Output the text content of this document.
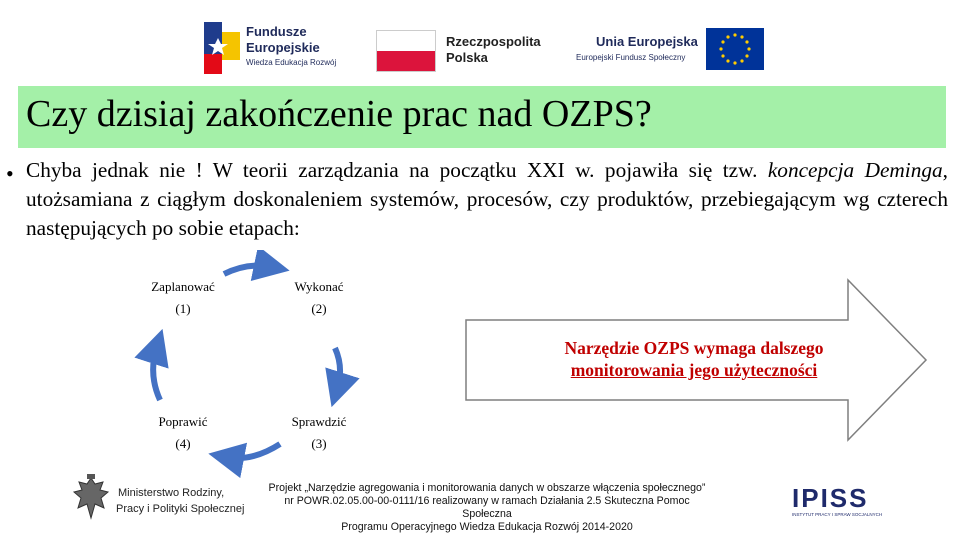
Fundusze
Europejskie
Wiedza Edukacja Rozwój
Rzeczpospolita
Polska
Unia Europejska
Europejski Fundusz Społeczny
Czy dzisiaj zakończenie prac nad OZPS?
• Chyba jednak nie ! W teorii zarządzania na początku XXI w. pojawiła się tzw. koncepcja Deminga, utożsamiana z ciągłym doskonaleniem systemów, procesów, czy produktów, przebiegającym wg czterech następujących po sobie etapach:
Zaplanować
(1)
Wykonać
(2)
Sprawdzić
(3)
Poprawić
(4)
Narzędzie OZPS wymaga dalszego
monitorowania jego użyteczności
Ministerstwo Rodziny,
Pracy i Polityki Społecznej
Projekt „Narzędzie agregowania i monitorowania danych w obszarze włączenia społecznego”
nr POWR.02.05.00-00-0111/16 realizowany w ramach Działania 2.5 Skuteczna Pomoc Społeczna
Programu Operacyjnego Wiedza Edukacja Rozwój 2014-2020
IPISS
INSTYTUT PRACY I SPRAW SOCJALNYCH
